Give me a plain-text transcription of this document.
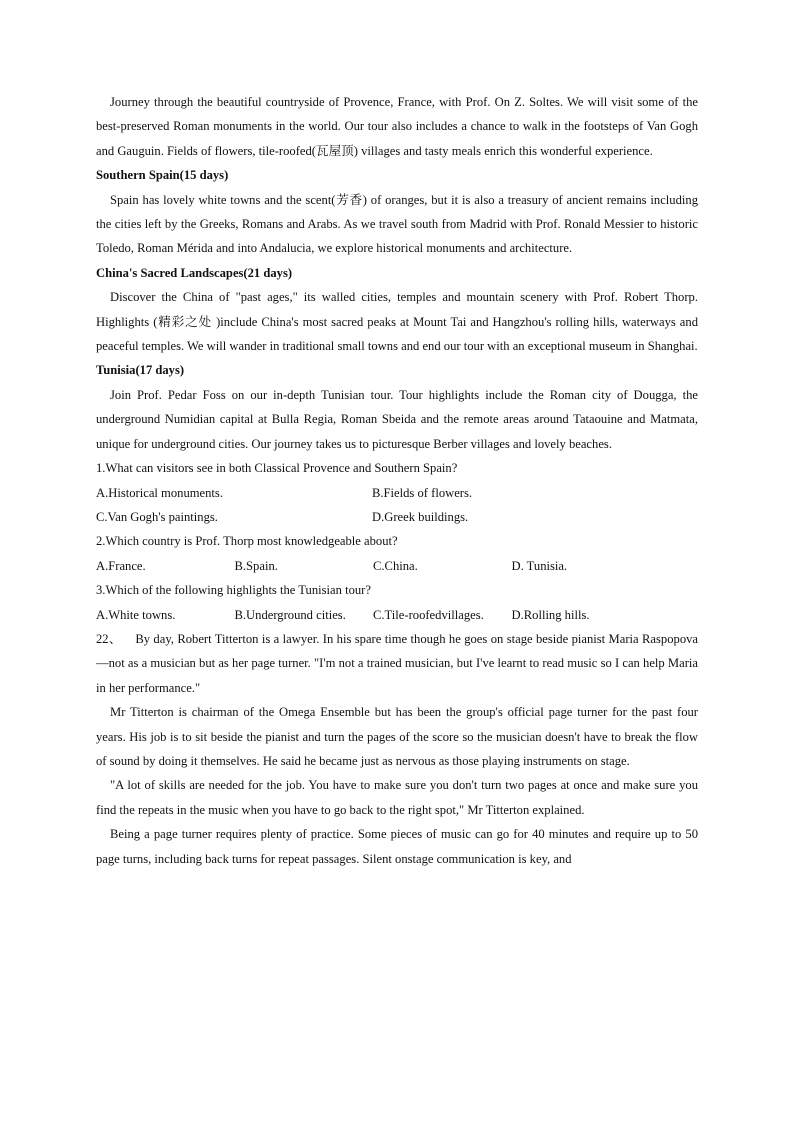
Journey through the beautiful countryside of Provence, France, with Prof. On Z. Soltes. We will visit some of the best-preserved Roman monuments in the world. Our tour also includes a chance to walk in the footsteps of Van Gogh and Gauguin. Fields of flowers, tile-roofed(瓦屋顶) villages and tasty meals enrich this wonderful experience.

Southern Spain(15 days)

Spain has lovely white towns and the scent(芳香) of oranges, but it is also a treasury of ancient remains including the cities left by the Greeks, Romans and Arabs. As we travel south from Madrid with Prof. Ronald Messier to historic Toledo, Roman Mérida and into Andalucia, we explore historical monuments and architecture.

China's Sacred Landscapes(21 days)

Discover the China of "past ages," its walled cities, temples and mountain scenery with Prof. Robert Thorp. Highlights (精彩之处 )include China's most sacred peaks at Mount Tai and Hangzhou's rolling hills, waterways and peaceful temples. We will wander in traditional small towns and end our tour with an exceptional museum in Shanghai.

Tunisia(17 days)

Join Prof. Pedar Foss on our in-depth Tunisian tour. Tour highlights include the Roman city of Dougga, the underground Numidian capital at Bulla Regia, Roman Sbeida and the remote areas around Tataouine and Matmata, unique for underground cities. Our journey takes us to picturesque Berber villages and lovely beaches.

1.What can visitors see in both Classical Provence and Southern Spain?

A.Historical monuments.	B.Fields of flowers.
C.Van Gogh's paintings.	D.Greek buildings.

2.Which country is Prof. Thorp most knowledgeable about?

A.France.	B.Spain.	C.China.	D. Tunisia.

3.Which of the following highlights the Tunisian tour?

A.White towns.	B.Underground cities.	C.Tile-roofedvillages.	D.Rolling hills.

22、    By day, Robert Titterton is a lawyer. In his spare time though he goes on stage beside pianist Maria Raspopova—not as a musician but as her page turner. "I'm not a trained musician, but I've learnt to read music so I can help Maria in her performance."

Mr Titterton is chairman of the Omega Ensemble but has been the group's official page turner for the past four years. His job is to sit beside the pianist and turn the pages of the score so the musician doesn't have to break the flow of sound by doing it themselves. He said he became just as nervous as those playing instruments on stage.

"A lot of skills are needed for the job. You have to make sure you don't turn two pages at once and make sure you find the repeats in the music when you have to go back to the right spot," Mr Titterton explained.

Being a page turner requires plenty of practice. Some pieces of music can go for 40 minutes and require up to 50 page turns, including back turns for repeat passages. Silent onstage communication is key, and
